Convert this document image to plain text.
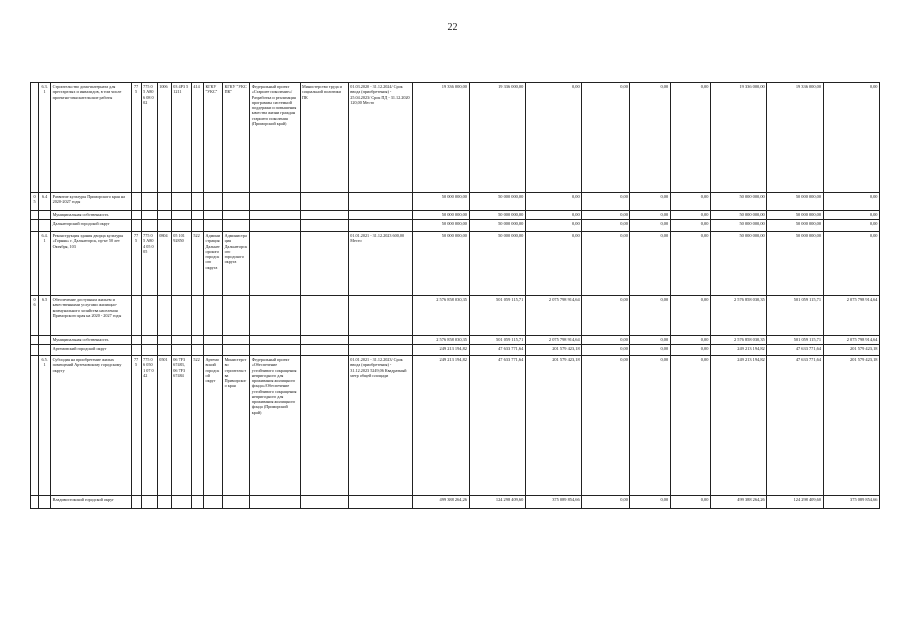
22
	6.3.1	Строительство дома-интерната для престарелых и инвалидов, в том числе проектно-изыскательские работы	775	775 0 5 А80 6 08 0 02	1006	03 4Р3 5 1211	414	КГКУ "УКС"	КГКУ "УКС ПК"	Федеральный проект «Старшее поколение»/Разработка и реализация программы системной поддержки и повышения качества жизни граждан старшего поколения (Приморский край)	Министерство труда и социальной политики ПК	01.03.2020 - 31.12.2024/ Срок ввода (приобретения) - 25.04.2023/ Срок ПД - 31.12.2020 120,00 Место	19 336 000,00	19 336 000,00	0,00	0,00	0,00	0,00	19 336 000,00	19 336 000,00	0,00
05	6.4	Развитие культуры Приморского края на 2020-2027 годы											50 000 000,00	50 000 000,00	0,00	0,00	0,00	0,00	50 000 000,00	50 000 000,00	0,00
		Муниципальная собственность											50 000 000,00	50 000 000,00	0,00	0,00	0,00	0,00	50 000 000,00	50 000 000,00	0,00
		Дальнегорский городской округ											50 000 000,00	50 000 000,00	0,00	0,00	0,00	0,00	50 000 000,00	50 000 000,00	0,00
	6.4.1	Реконструкция здания дворца культуры «Горняк» г. Дальнегорск, пр-кт 50 лет Октября, 103	775	775 0 5 А80 4 05 0 05	0804	05 101 92850	522	Администрация Дальнегорского городского округа	Администрация Дальнегорского городского округа			01.01.2021 - 31.12.2023 600,00 Место	50 000 000,00	50 000 000,00	0,00	0,00	0,00	0,00	50 000 000,00	50 000 000,00	0,00
06	6.5	Обеспечение доступным жильем и качественными услугами жилищно-коммунального хозяйства населения Приморского края на 2020 - 2027 годы											2 576 858 030,35	501 059 115,71	2 075 798 914,64	0,00	0,00	0,00	2 576 858 030,35	501 059 115,71	2 075 798 914,64
		Муниципальная собственность											2 576 858 030,35	501 059 115,71	2 075 798 914,64	0,00	0,00	0,00	2 576 858 030,35	501 059 115,71	2 075 798 914,64
		Артемовский городской округ											249 213 194,82	47 633 771,64	201 579 423,18	0,00	0,00	0,00	249 213 194,82	47 633 771,64	201 579 423,18
	6.5.1	Субсидия на приобретение жилых помещений Артемовскому городскому округу	775	775 0 6 050 1 07 0 42	0501	06 7F3 67483, 06 7F3 67484	522	Артемовский городской округ	Министерство строительства Приморского края	Федеральный проект «Обеспечение устойчивого сокращения непригодного для проживания жилищного фонда»/Обеспечение устойчивого сокращения непригодного для проживания жилищного фонда (Приморский край)		01.01.2021 - 31.12.2023/ Срок ввода (приобретения) - 31.12.2023 5249,06 Квадратный метр общей площади	249 213 194,82	47 633 771,64	201 579 423,18	0,00	0,00	0,00	249 213 194,82	47 633 771,64	201 579 423,18
		Владивостокский городской округ											499 388 264,26	124 298 409,60	375 089 854,66	0,00	0,00	0,00	499 388 264,26	124 298 409,60	375 089 854,66
